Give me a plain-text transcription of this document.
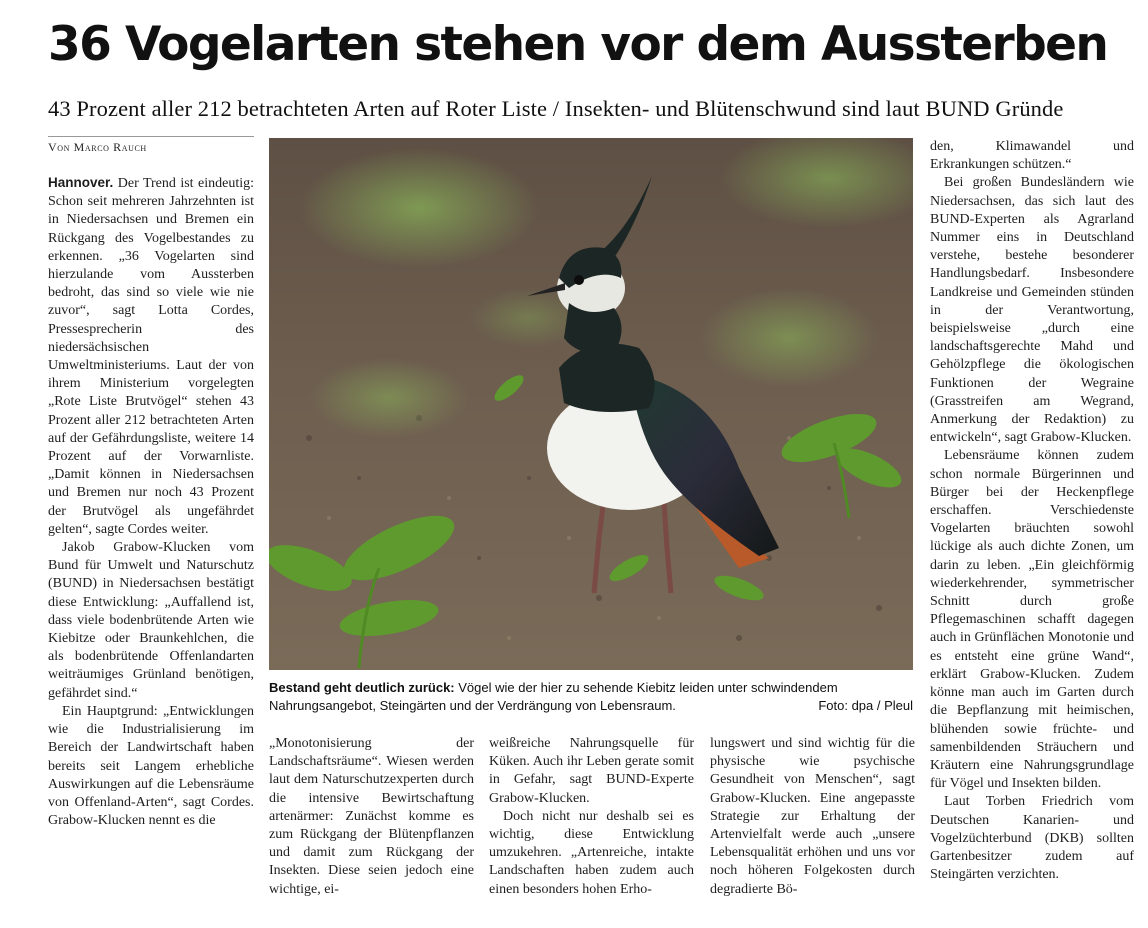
36 Vogelarten stehen vor dem Aussterben
43 Prozent aller 212 betrachteten Arten auf Roter Liste / Insekten- und Blütenschwund sind laut BUND Gründe
Von Marco Rauch

Hannover. Der Trend ist eindeutig: Schon seit mehreren Jahrzehnten ist in Niedersachsen und Bremen ein Rückgang des Vogelbestandes zu erkennen. „36 Vogelarten sind hierzulande vom Aussterben bedroht, das sind so viele wie nie zuvor“, sagt Lotta Cordes, Pressesprecherin des niedersächsischen Umweltministeriums. Laut der von ihrem Ministerium vorgelegten „Rote Liste Brutvögel“ stehen 43 Prozent aller 212 betrachteten Arten auf der Gefährdungsliste, weitere 14 Prozent auf der Vorwarnliste. „Damit können in Niedersachsen und Bremen nur noch 43 Prozent der Brutvögel als ungefährdet gelten“, sagte Cordes weiter.

Jakob Grabow-Klucken vom Bund für Umwelt und Naturschutz (BUND) in Niedersachsen bestätigt diese Entwicklung: „Auffallend ist, dass viele bodenbrütende Arten wie Kiebitze oder Braunkehlchen, die als bodenbrütende Offenlandarten weiträumiges Grünland benötigen, gefährdet sind.“

Ein Hauptgrund: „Entwicklungen wie die Industrialisierung im Bereich der Landwirtschaft haben bereits seit Langem erhebliche Auswirkungen auf die Lebensräume von Offenland-Arten“, sagt Cordes. Grabow-Klucken nennt es die

Bestand geht deutlich zurück: Vögel wie der hier zu sehende Kiebitz leiden unter schwindendem Nahrungsangebot, Steingärten und der Verdrängung von Lebensraum.	Foto: dpa / Pleul

„Monotonisierung der Landschaftsräume“. Wiesen werden laut dem Naturschutzexperten durch die intensive Bewirtschaftung artenärmer: Zunächst komme es zum Rückgang der Blütenpflanzen und damit zum Rückgang der Insekten. Diese seien jedoch eine wichtige, ei-

weißreiche Nahrungsquelle für Küken. Auch ihr Leben gerate somit in Gefahr, sagt BUND-Experte Grabow-Klucken.

Doch nicht nur deshalb sei es wichtig, diese Entwicklung umzukehren. „Artenreiche, intakte Landschaften haben zudem auch einen besonders hohen Erho-

lungswert und sind wichtig für die physische wie psychische Gesundheit von Menschen“, sagt Grabow-Klucken. Eine angepasste Strategie zur Erhaltung der Artenvielfalt werde auch „unsere Lebensqualität erhöhen und uns vor noch höheren Folgekosten durch degradierte Bö-

den, Klimawandel und Erkrankungen schützen.“

Bei großen Bundesländern wie Niedersachsen, das sich laut des BUND-Experten als Agrarland Nummer eins in Deutschland verstehe, bestehe besonderer Handlungsbedarf. Insbesondere Landkreise und Gemeinden stünden in der Verantwortung, beispielsweise „durch eine landschaftsgerechte Mahd und Gehölzpflege die ökologischen Funktionen der Wegraine (Grasstreifen am Wegrand, Anmerkung der Redaktion) zu entwickeln“, sagt Grabow-Klucken.

Lebensräume können zudem schon normale Bürgerinnen und Bürger bei der Heckenpflege erschaffen. Verschiedenste Vogelarten bräuchten sowohl lückige als auch dichte Zonen, um darin zu leben. „Ein gleichförmig wiederkehrender, symmetrischer Schnitt durch große Pflegemaschinen schafft dagegen auch in Grünflächen Monotonie und es entsteht eine grüne Wand“, erklärt Grabow-Klucken. Zudem könne man auch im Garten durch die Bepflanzung mit heimischen, blühenden sowie früchte- und samenbildenden Sträuchern und Kräutern eine Nahrungsgrundlage für Vögel und Insekten bilden.

Laut Torben Friedrich vom Deutschen Kanarien- und Vogelzüchterbund (DKB) sollten Gartenbesitzer zudem auf Steingärten verzichten.
